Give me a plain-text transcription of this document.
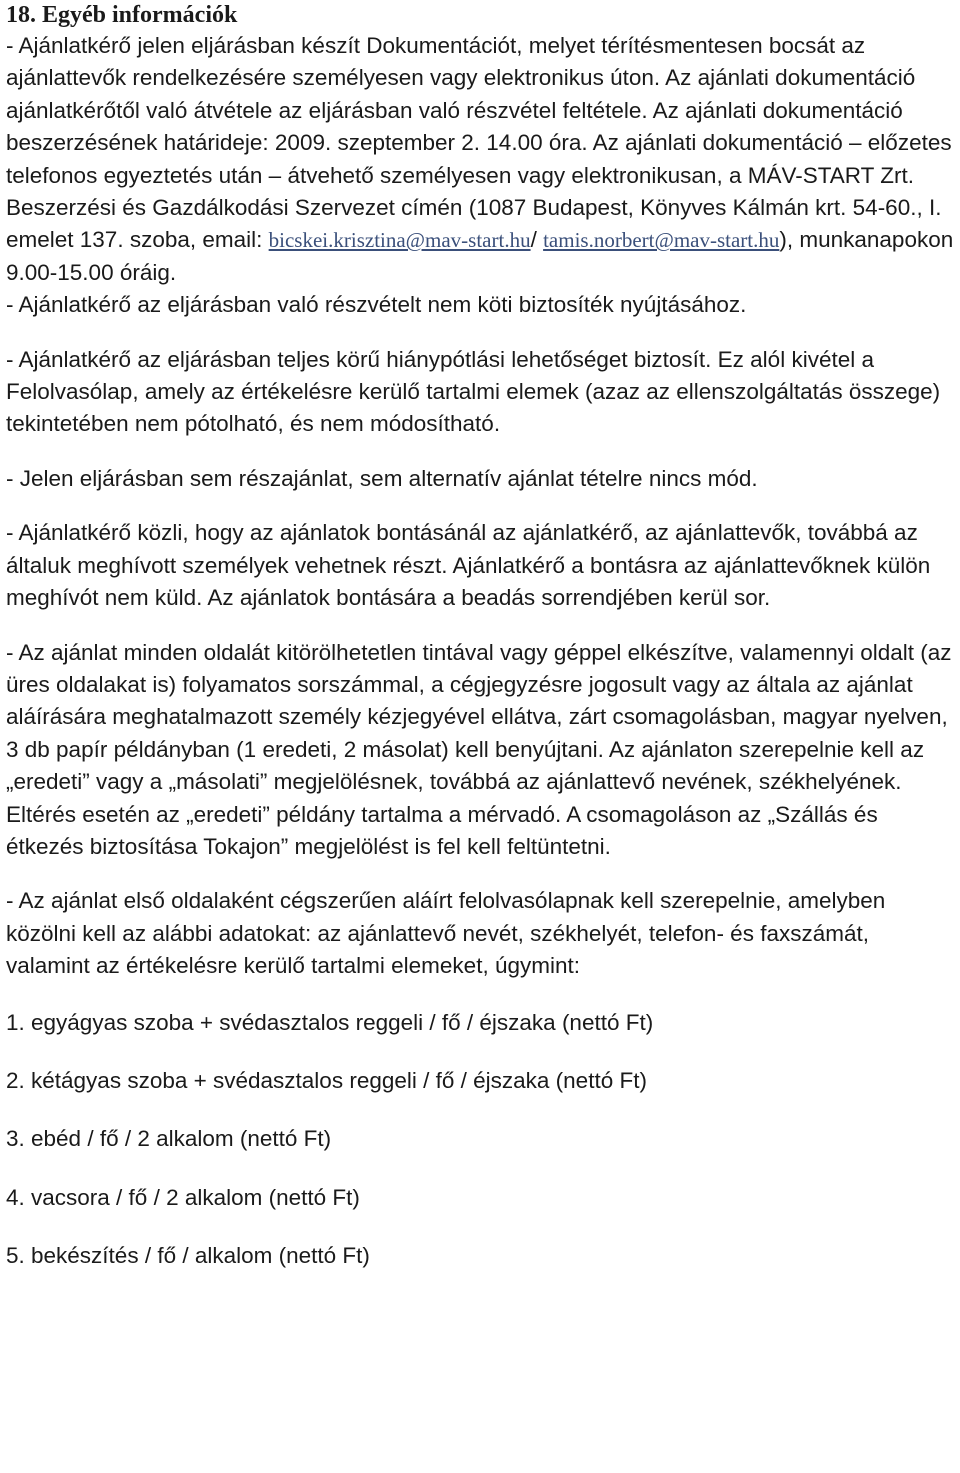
18. Egyéb információk

- Ajánlatkérő jelen eljárásban készít Dokumentációt, melyet térítésmentesen bocsát az ajánlattevők rendelkezésére személyesen vagy elektronikus úton. Az ajánlati dokumentáció ajánlatkérőtől való átvétele az eljárásban való részvétel feltétele. Az ajánlati dokumentáció beszerzésének határideje: 2009. szeptember 2. 14.00 óra. Az ajánlati dokumentáció – előzetes telefonos egyeztetés után – átvehető személyesen vagy elektronikusan, a MÁV-START Zrt. Beszerzési és Gazdálkodási Szervezet címén (1087 Budapest, Könyves Kálmán krt. 54-60., I. emelet 137. szoba, email: bicskei.krisztina@mav-start.hu/ tamis.norbert@mav-start.hu), munkanapokon 9.00-15.00 óráig.

- Ajánlatkérő az eljárásban való részvételt nem köti biztosíték nyújtásához.

- Ajánlatkérő az eljárásban teljes körű hiánypótlási lehetőséget biztosít. Ez alól kivétel a Felolvasólap, amely az értékelésre kerülő tartalmi elemek (azaz az ellenszolgáltatás összege) tekintetében nem pótolható, és nem módosítható.

- Jelen eljárásban sem részajánlat, sem alternatív ajánlat tételre nincs mód.

- Ajánlatkérő közli, hogy az ajánlatok bontásánál az ajánlatkérő, az ajánlattevők, továbbá az általuk meghívott személyek vehetnek részt. Ajánlatkérő a bontásra az ajánlattevőknek külön meghívót nem küld. Az ajánlatok bontására a beadás sorrendjében kerül sor.

- Az ajánlat minden oldalát kitörölhetetlen tintával vagy géppel elkészítve, valamennyi oldalt (az üres oldalakat is) folyamatos sorszámmal, a cégjegyzésre jogosult vagy az általa az ajánlat aláírására meghatalmazott személy kézjegyével ellátva, zárt csomagolásban, magyar nyelven, 3 db papír példányban (1 eredeti, 2 másolat) kell benyújtani. Az ajánlaton szerepelnie kell az „eredeti” vagy a „másolati” megjelölésnek, továbbá az ajánlattevő nevének, székhelyének. Eltérés esetén az „eredeti” példány tartalma a mérvadó. A csomagoláson az „Szállás és étkezés biztosítása Tokajon” megjelölést is fel kell feltüntetni.

- Az ajánlat első oldalaként cégszerűen aláírt felolvasólapnak kell szerepelnie, amelyben közölni kell az alábbi adatokat: az ajánlattevő nevét, székhelyét, telefon- és faxszámát, valamint az értékelésre kerülő tartalmi elemeket, úgymint:

1. egyágyas szoba + svédasztalos reggeli / fő / éjszaka (nettó Ft)

2. kétágyas szoba + svédasztalos reggeli / fő / éjszaka (nettó Ft)

3. ebéd / fő / 2 alkalom (nettó Ft)

4. vacsora / fő / 2 alkalom (nettó Ft)

5. bekészítés / fő / alkalom (nettó Ft)
